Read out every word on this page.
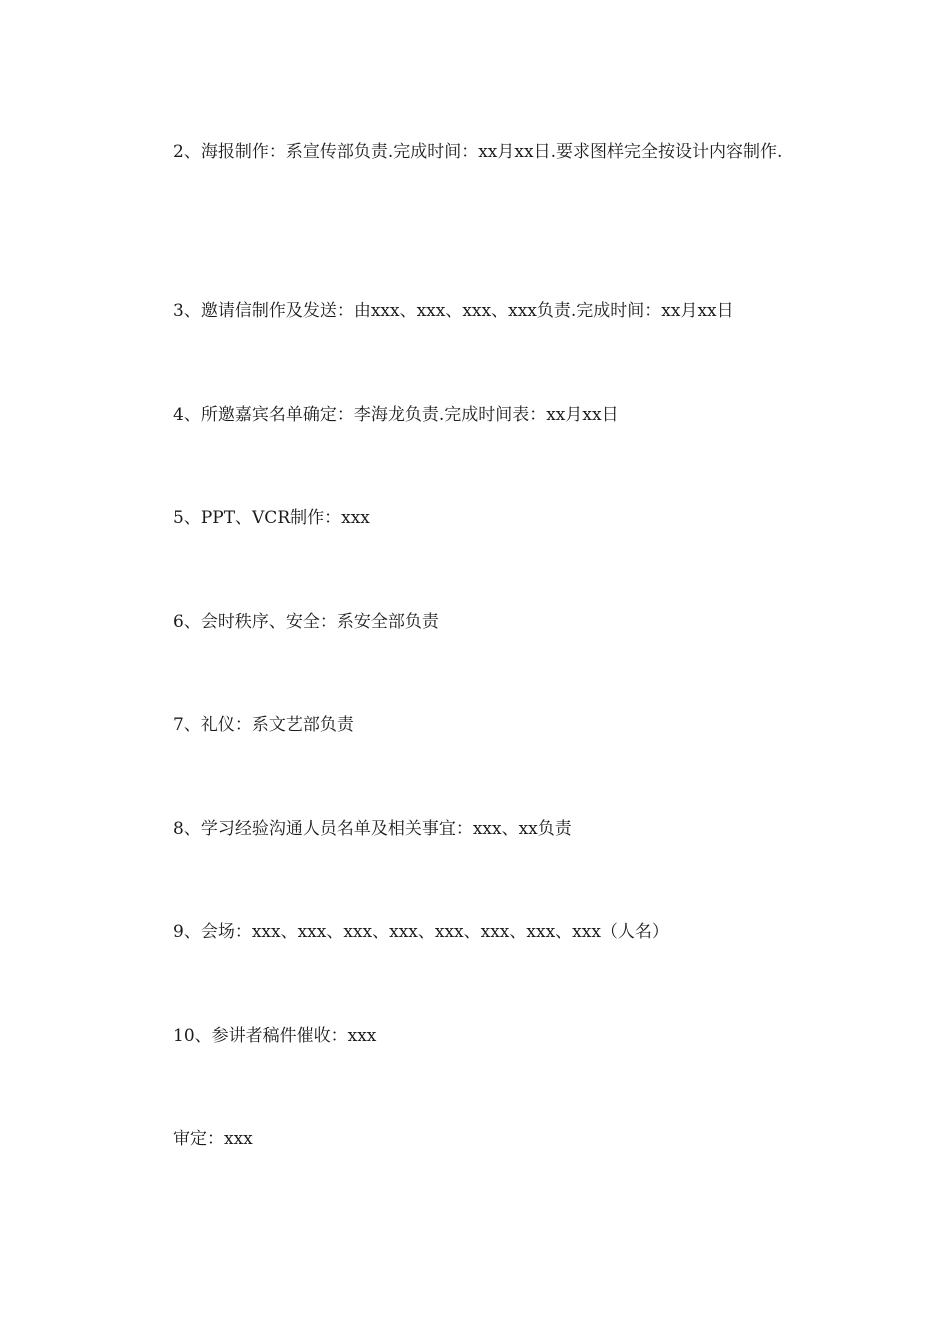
2、海报制作：系宣传部负责.完成时间：xx月xx日.要求图样完全按设计内容制作.

3、邀请信制作及发送：由xxx、xxx、xxx、xxx负责.完成时间：xx月xx日

4、所邀嘉宾名单确定：李海龙负责.完成时间表：xx月xx日

5、PPT、VCR制作：xxx

6、会时秩序、安全：系安全部负责

7、礼仪：系文艺部负责

8、学习经验沟通人员名单及相关事宜：xxx、xx负责

9、会场：xxx、xxx、xxx、xxx、xxx、xxx、xxx、xxx（人名）

10、参讲者稿件催收：xxx

审定：xxx
